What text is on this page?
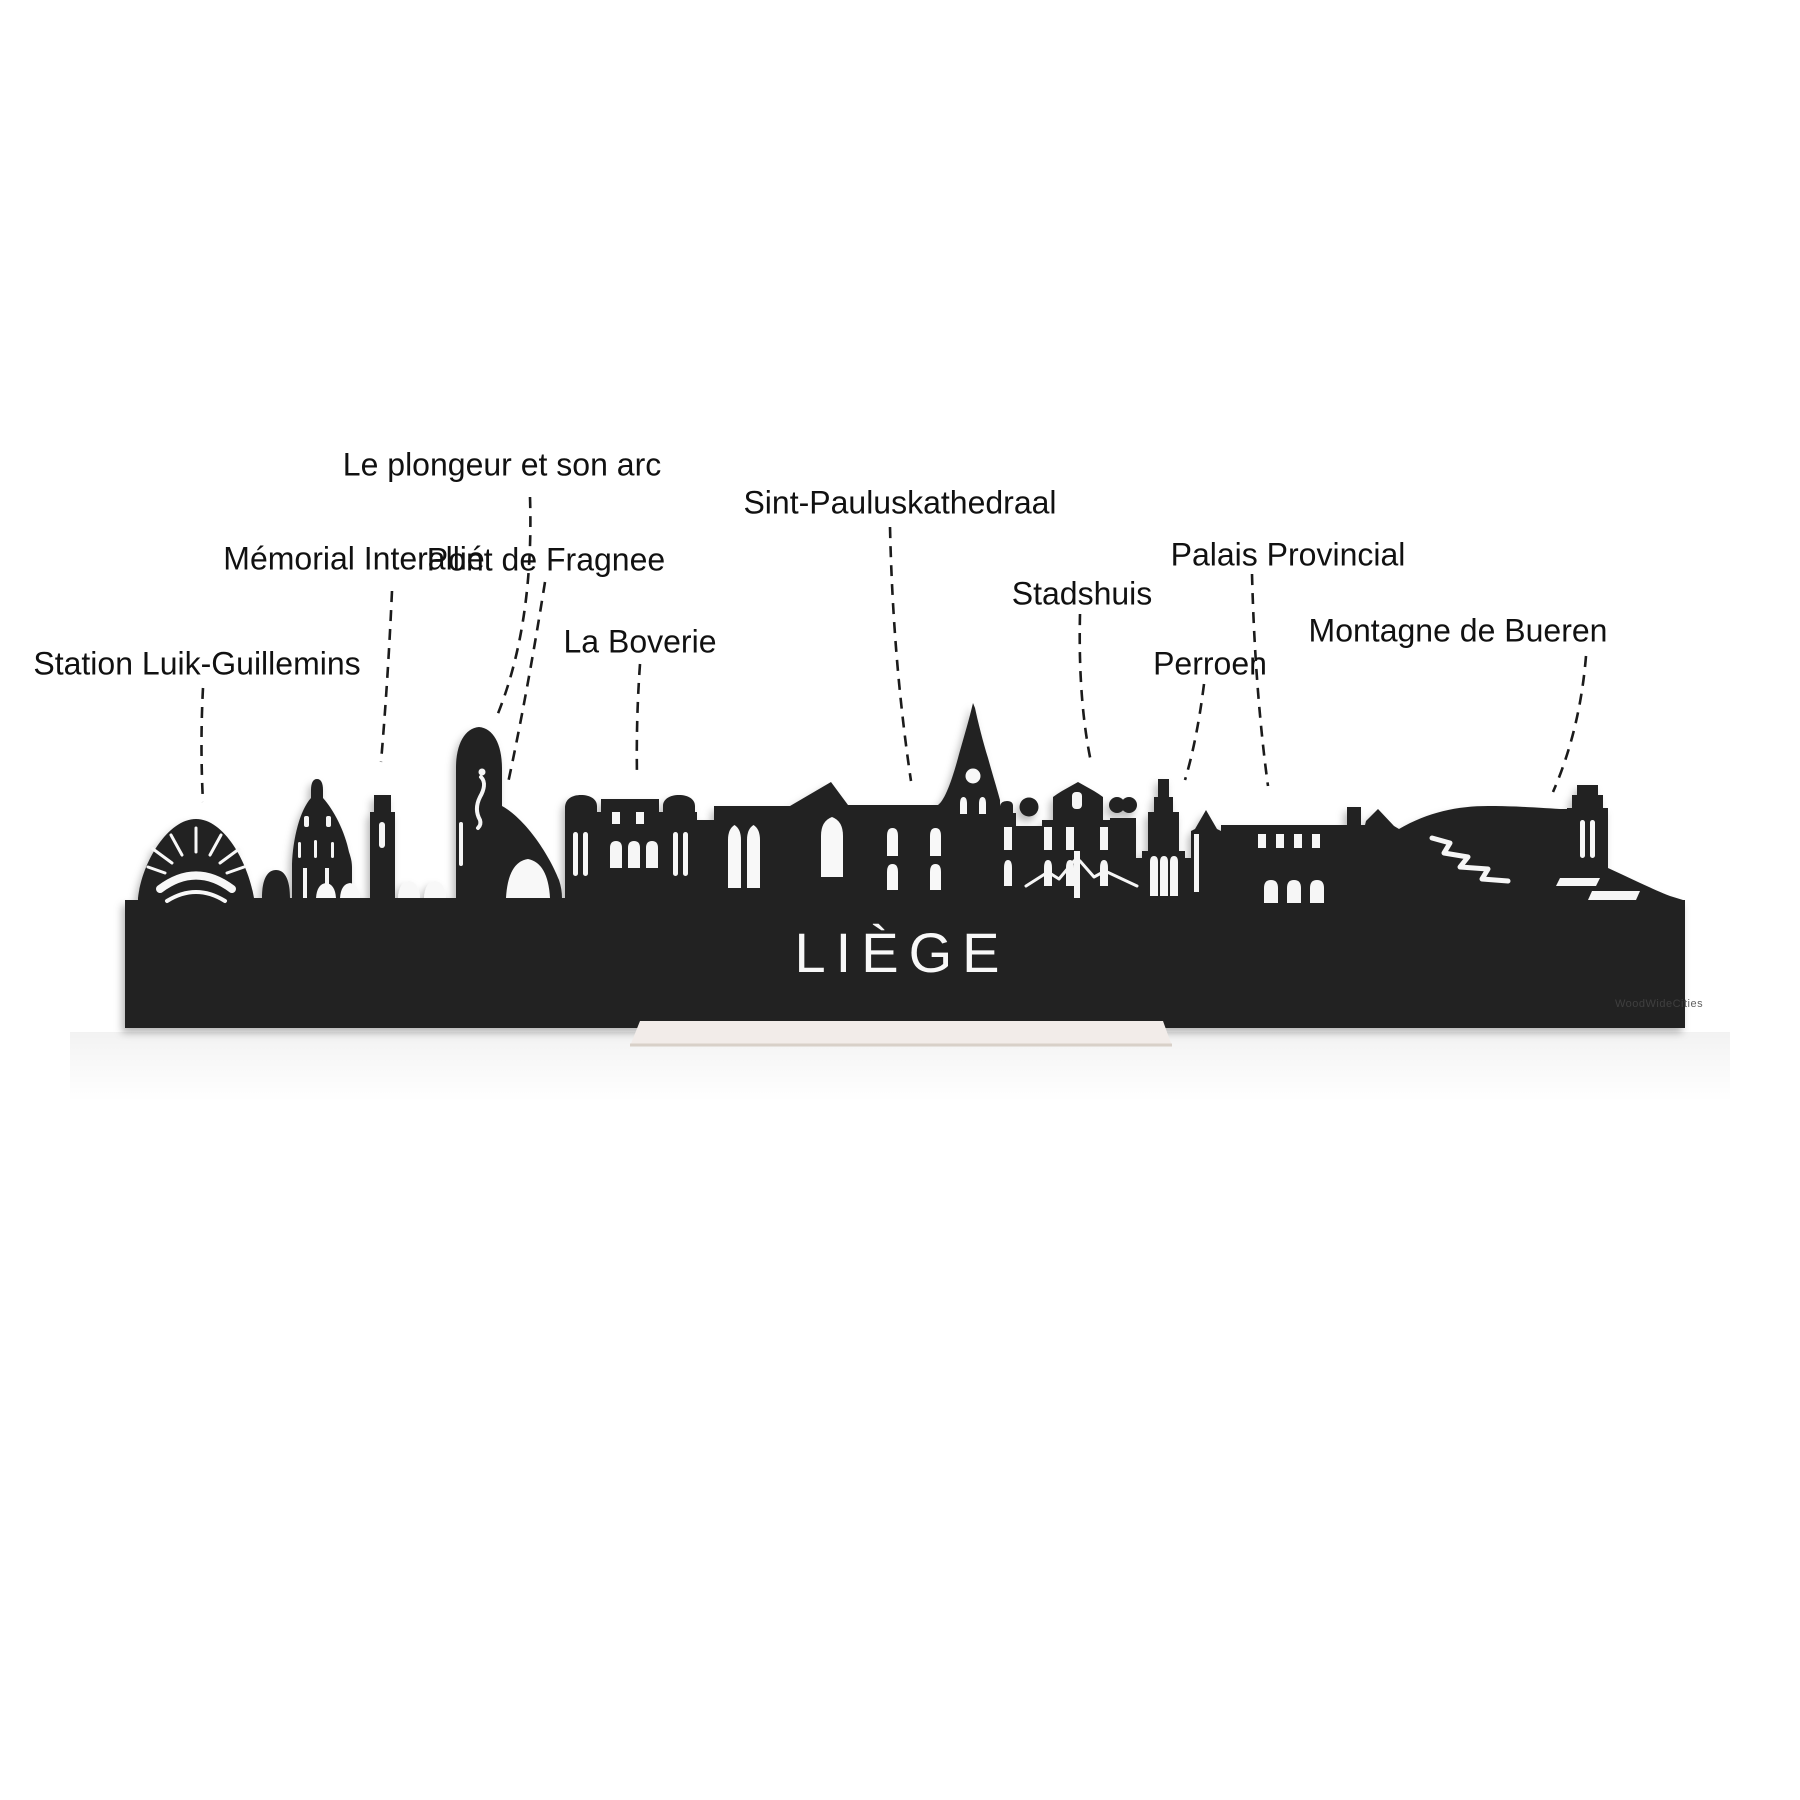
LIÈGE
Station Luik-Guillemins
Mémorial Interallié
Le plongeur et son arc
Pont de Fragnee
La Boverie
Sint-Pauluskathedraal
Stadshuis
Perroen
Palais Provincial
Montagne de Bueren
WoodWideCities
